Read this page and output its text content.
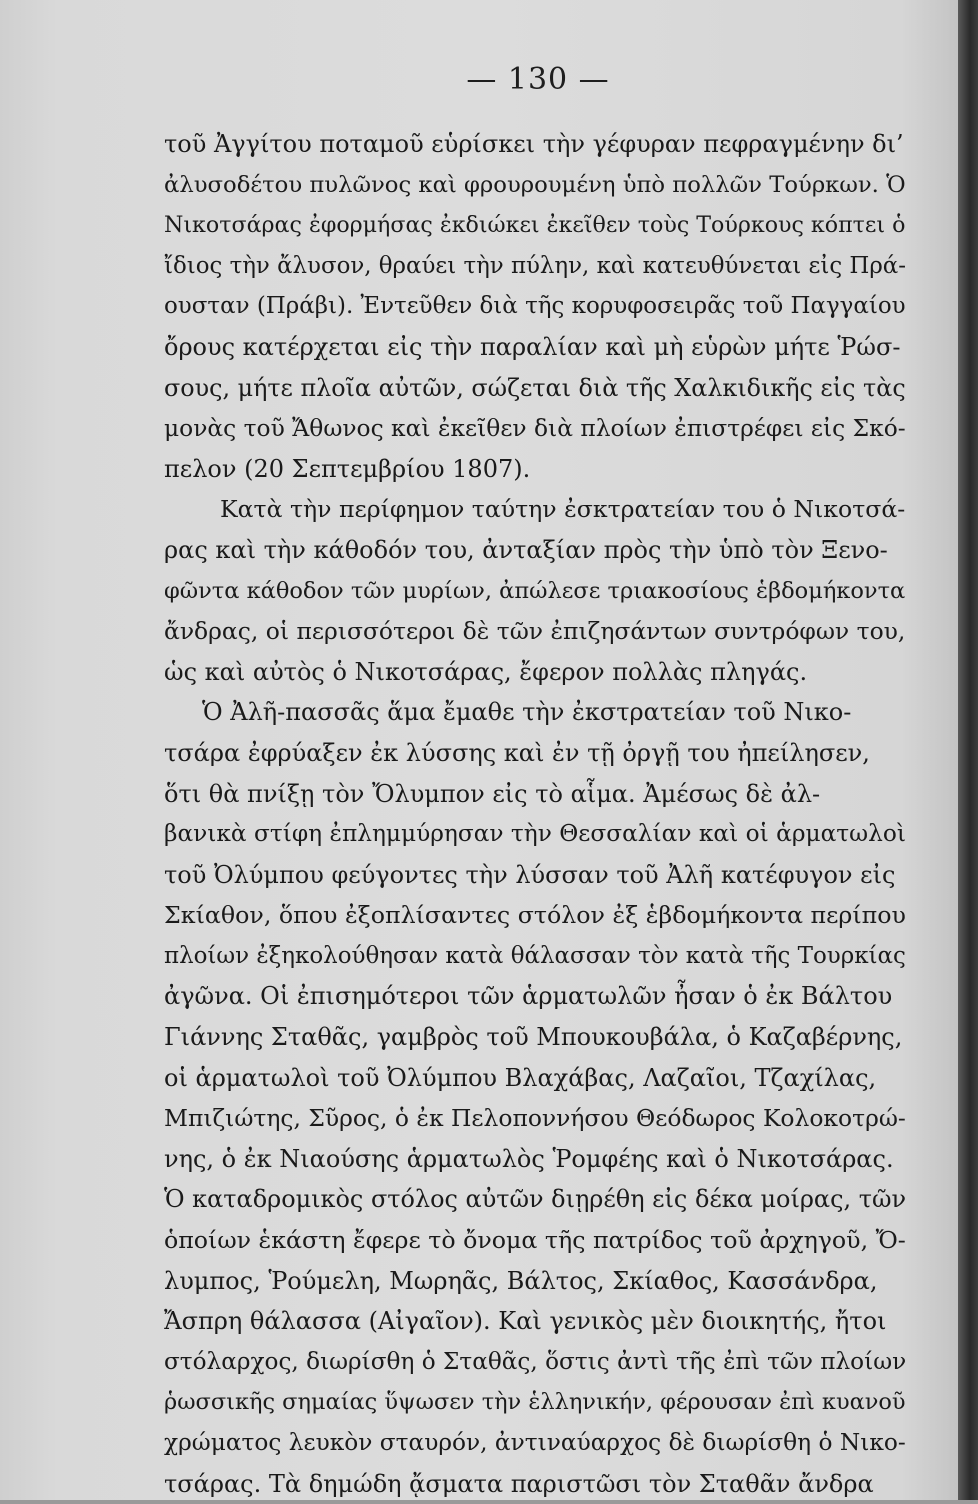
— 130 —
τοῦ Ἀγγίτου ποταμοῦ εὑρίσκει τὴν γέφυραν πεφραγμένην δι’
ἀλυσοδέτου πυλῶνος καὶ φρουρουμένη ὑπὸ πολλῶν Τούρκων. Ὁ
Νικοτσάρας ἐφορμήσας ἐκδιώκει ἐκεῖθεν τοὺς Τούρκους κόπτει ὁ
ἴδιος τὴν ἄλυσον, θραύει τὴν πύλην, καὶ κατευθύνεται εἰς Πρά-
ουσταν (Πράβι). Ἐντεῦθεν διὰ τῆς κορυφοσειρᾶς τοῦ Παγγαίου
ὄρους κατέρχεται εἰς τὴν παραλίαν καὶ μὴ εὑρὼν μήτε Ῥώσ-
σους, μήτε πλοῖα αὐτῶν, σώζεται διὰ τῆς Χαλκιδικῆς εἰς τὰς
μονὰς τοῦ Ἄθωνος καὶ ἐκεῖθεν διὰ πλοίων ἐπιστρέφει εἰς Σκό-
πελον (20 Σεπτεμβρίου 1807).
Κατὰ τὴν περίφημον ταύτην ἐσκτρατείαν του ὁ Νικοτσά-
ρας καὶ τὴν κάθοδόν του, ἀνταξίαν πρὸς τὴν ὑπὸ τὸν Ξενο-
φῶντα κάθοδον τῶν μυρίων, ἀπώλεσε τριακοσίους ἑβδομήκοντα
ἄνδρας, οἱ περισσότεροι δὲ τῶν ἐπιζησάντων συντρόφων του,
ὡς καὶ αὐτὸς ὁ Νικοτσάρας, ἔφερον πολλὰς πληγάς.
Ὁ Ἀλῆ-πασσᾶς ἅμα ἔμαθε τὴν ἐκστρατείαν τοῦ Νικο-
τσάρα ἐφρύαξεν ἐκ λύσσης καὶ ἐν τῇ ὀργῇ του ἠπείλησεν,
ὅτι θὰ πνίξῃ τὸν Ὄλυμπον εἰς τὸ αἷμα. Ἀμέσως δὲ ἀλ-
βανικὰ στίφη ἐπλημμύρησαν τὴν Θεσσαλίαν καὶ οἱ ἁρματωλοὶ
τοῦ Ὀλύμπου φεύγοντες τὴν λύσσαν τοῦ Ἀλῆ κατέφυγον εἰς
Σκίαθον, ὅπου ἐξοπλίσαντες στόλον ἐξ ἑβδομήκοντα περίπου
πλοίων ἐξηκολούθησαν κατὰ θάλασσαν τὸν κατὰ τῆς Τουρκίας
ἀγῶνα. Οἱ ἐπισημότεροι τῶν ἁρματωλῶν ἦσαν ὁ ἐκ Βάλτου
Γιάννης Σταθᾶς, γαμβρὸς τοῦ Μπουκουβάλα, ὁ Καζαβέρνης,
οἱ ἁρματωλοὶ τοῦ Ὀλύμπου Βλαχάβας, Λαζαῖοι, Τζαχίλας,
Μπιζιώτης, Σῦρος, ὁ ἐκ Πελοποννήσου Θεόδωρος Κολοκοτρώ-
νης, ὁ ἐκ Νιαούσης ἁρματωλὸς Ῥομφέης καὶ ὁ Νικοτσάρας.
Ὁ καταδρομικὸς στόλος αὐτῶν διῃρέθη εἰς δέκα μοίρας, τῶν
ὁποίων ἑκάστη ἔφερε τὸ ὄνομα τῆς πατρίδος τοῦ ἀρχηγοῦ, Ὄ-
λυμπος, Ῥούμελη, Μωρηᾶς, Βάλτος, Σκίαθος, Κασσάνδρα,
Ἄσπρη θάλασσα (Αἰγαῖον). Καὶ γενικὸς μὲν διοικητής, ἤτοι
στόλαρχος, διωρίσθη ὁ Σταθᾶς, ὅστις ἀντὶ τῆς ἐπὶ τῶν πλοίων
ῥωσσικῆς σημαίας ὕψωσεν τὴν ἑλληνικήν, φέρουσαν ἐπὶ κυανοῦ
χρώματος λευκὸν σταυρόν, ἀντιναύαρχος δὲ διωρίσθη ὁ Νικο-
τσάρας. Τὰ δημώδη ᾄσματα παριστῶσι τὸν Σταθᾶν ἄνδρα
